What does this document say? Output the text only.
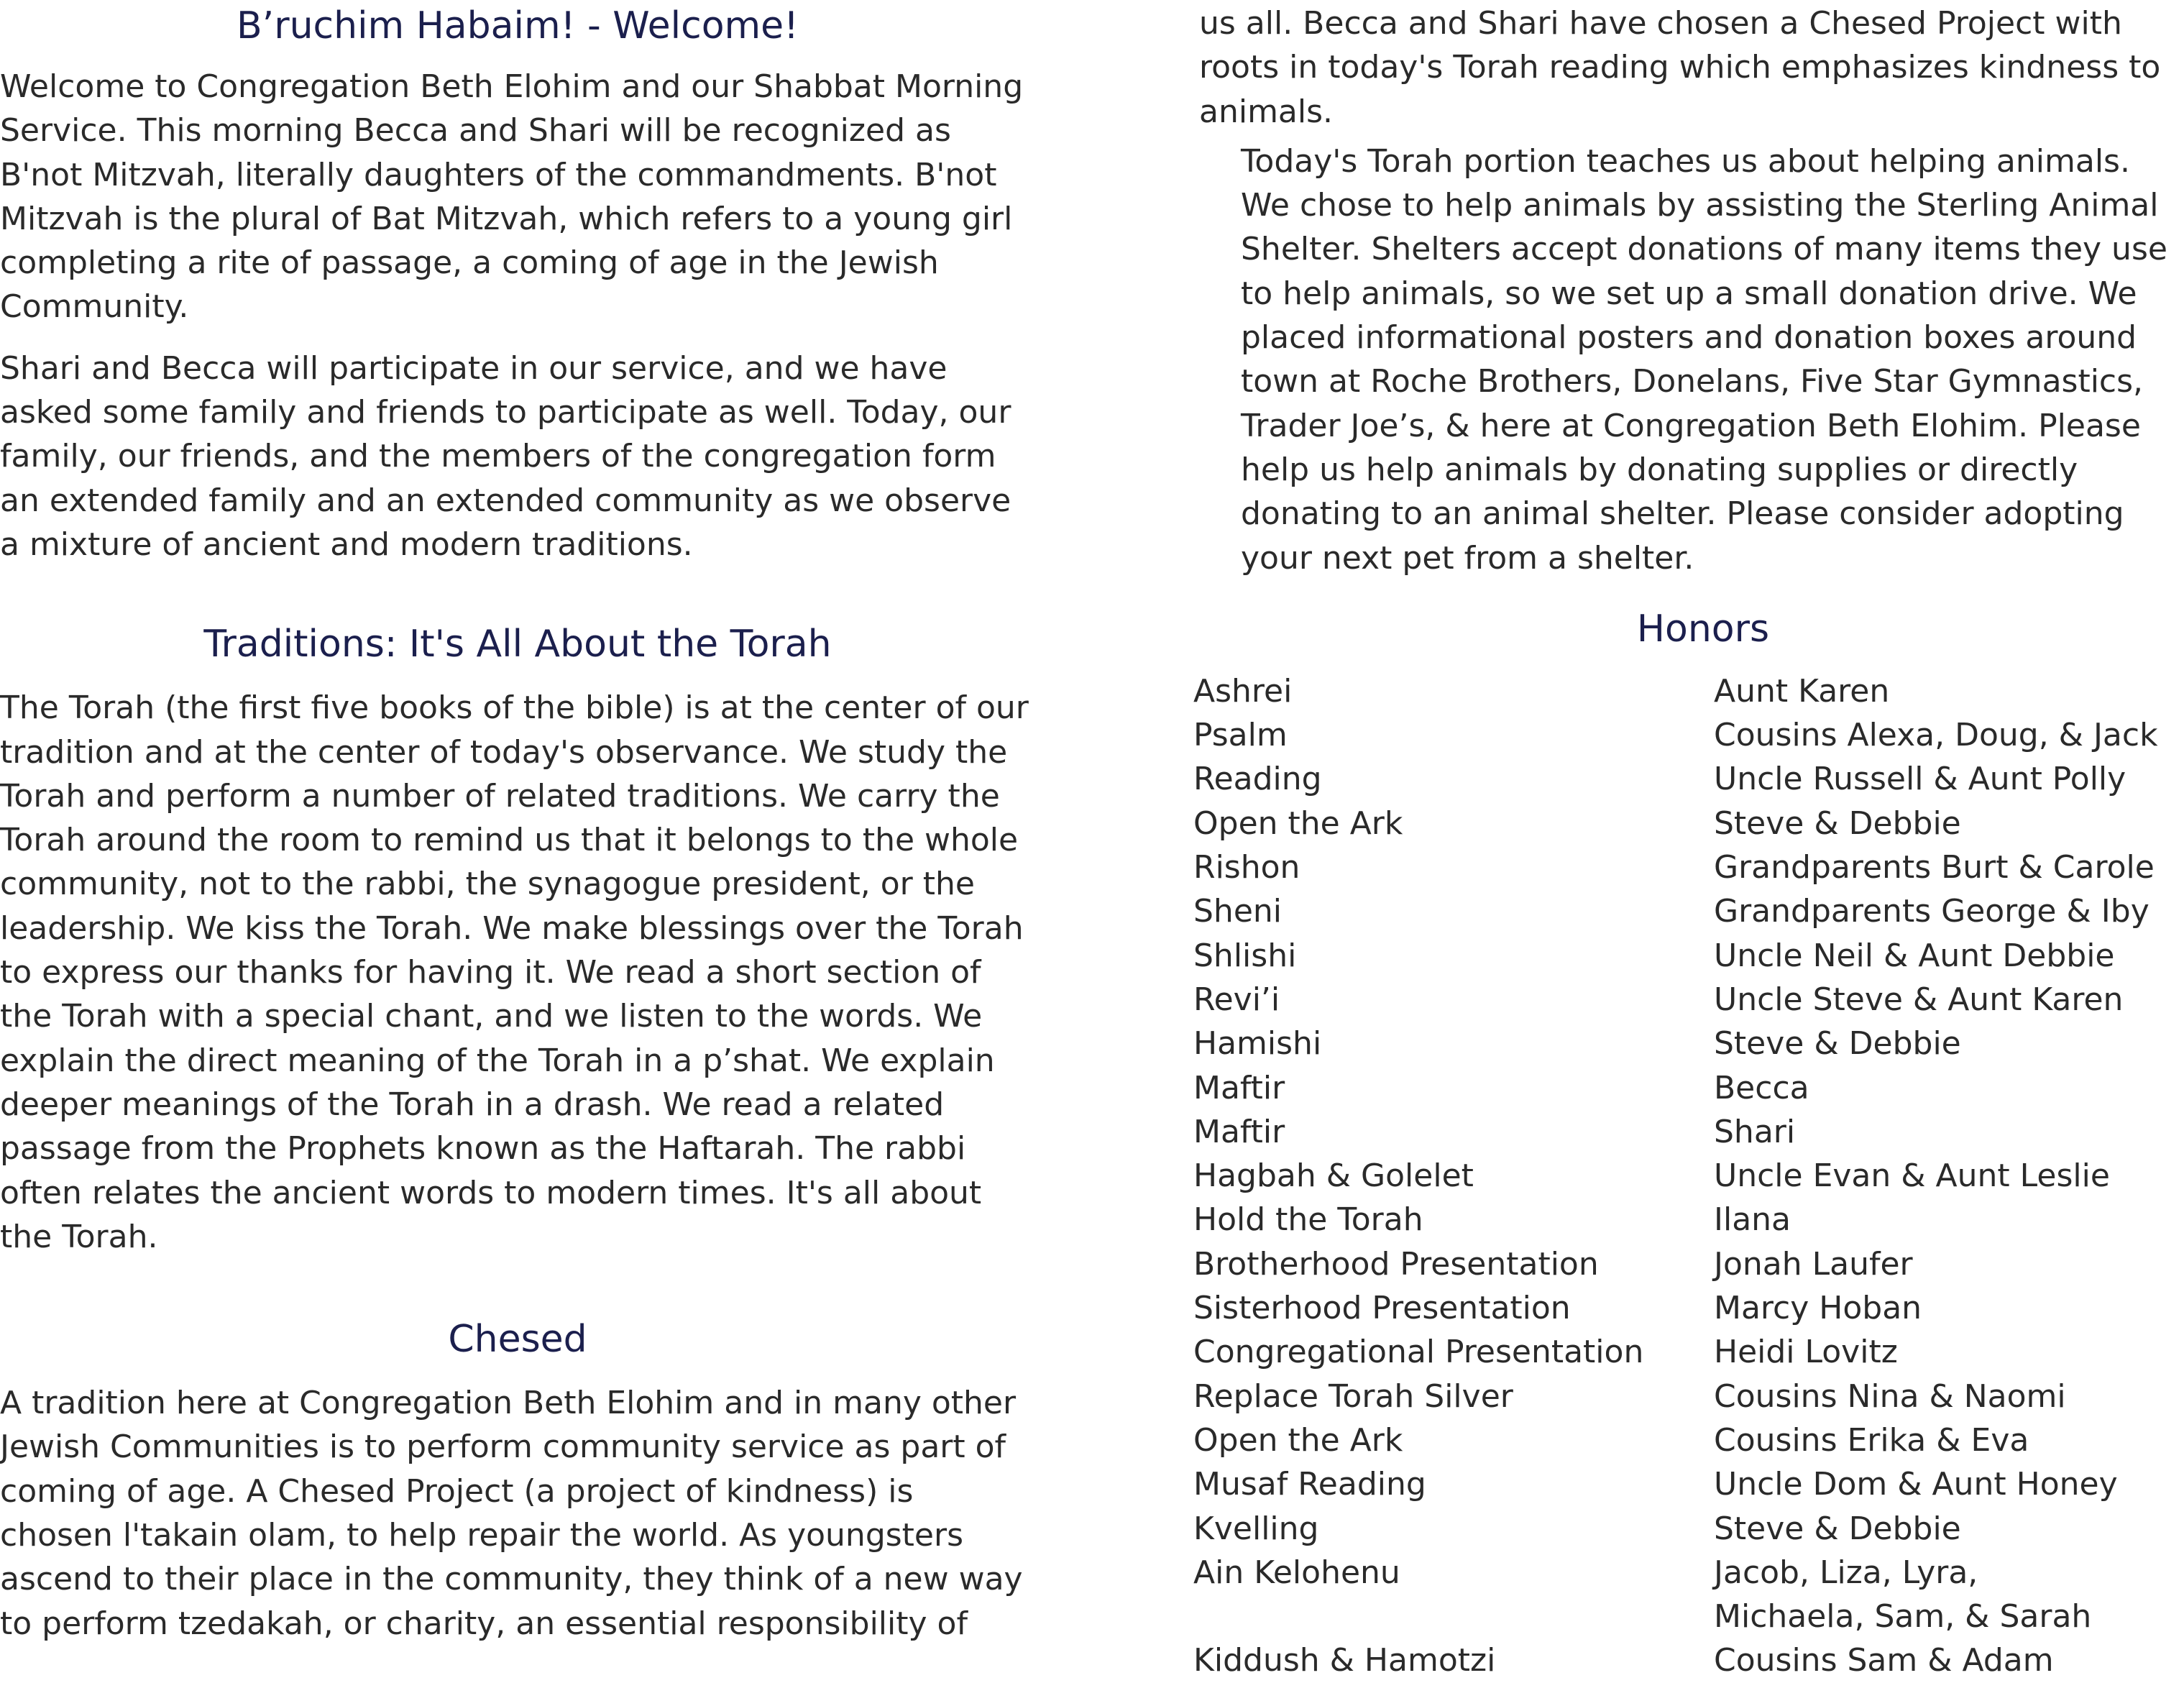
B’ruchim Habaim! - Welcome!

Welcome to Congregation Beth Elohim and our Shabbat Morning Service. This morning Becca and Shari will be recognized as B'not Mitzvah, literally daughters of the commandments. B'not Mitzvah is the plural of Bat Mitzvah, which refers to a young girl completing a rite of passage, a coming of age in the Jewish Community.

Shari and Becca will participate in our service, and we have asked some family and friends to participate as well. Today, our family, our friends, and the members of the congregation form an extended family and an extended community as we observe a mixture of ancient and modern traditions.

Traditions: It's All About the Torah

The Torah (the first five books of the bible) is at the center of our tradition and at the center of today's observance. We study the Torah and perform a number of related traditions. We carry the Torah around the room to remind us that it belongs to the whole community, not to the rabbi, the synagogue president, or the leadership. We kiss the Torah. We make blessings over the Torah to express our thanks for having it. We read a short section of the Torah with a special chant, and we listen to the words. We explain the direct meaning of the Torah in a p’shat. We explain deeper meanings of the Torah in a drash. We read a related passage from the Prophets known as the Haftarah. The rabbi often relates the ancient words to modern times. It's all about the Torah.

Chesed

A tradition here at Congregation Beth Elohim and in many other Jewish Communities is to perform community service as part of coming of age. A Chesed Project (a project of kindness) is chosen l'takain olam, to help repair the world. As youngsters ascend to their place in the community, they think of a new way to perform tzedakah, or charity, an essential responsibility of

us all. Becca and Shari have chosen a Chesed Project with roots in today's Torah reading which emphasizes kindness to animals.

Today's Torah portion teaches us about helping animals. We chose to help animals by assisting the Sterling Animal Shelter. Shelters accept donations of many items they use to help animals, so we set up a small donation drive. We placed informational posters and donation boxes around town at Roche Brothers, Donelans, Five Star Gymnastics, Trader Joe’s, & here at Congregation Beth Elohim. Please help us help animals by donating supplies or directly donating to an animal shelter. Please consider adopting your next pet from a shelter.

Honors
Ashrei	Aunt Karen
Psalm	Cousins Alexa, Doug, & Jack
Reading	Uncle Russell & Aunt Polly
Open the Ark	Steve & Debbie
Rishon	Grandparents Burt & Carole
Sheni	Grandparents George & Iby
Shlishi	Uncle Neil & Aunt Debbie
Revi’i	Uncle Steve & Aunt Karen
Hamishi	Steve & Debbie
Maftir	Becca
Maftir	Shari
Hagbah & Golelet	Uncle Evan & Aunt Leslie
Hold the Torah	Ilana
Brotherhood Presentation	Jonah Laufer
Sisterhood Presentation	Marcy Hoban
Congregational Presentation	Heidi Lovitz
Replace Torah Silver	Cousins Nina & Naomi
Open the Ark	Cousins Erika & Eva
Musaf Reading	Uncle Dom & Aunt Honey
Kvelling	Steve & Debbie
Ain Kelohenu	Jacob, Liza, Lyra,
Michaela, Sam, & Sarah
Kiddush & Hamotzi	Cousins Sam & Adam
